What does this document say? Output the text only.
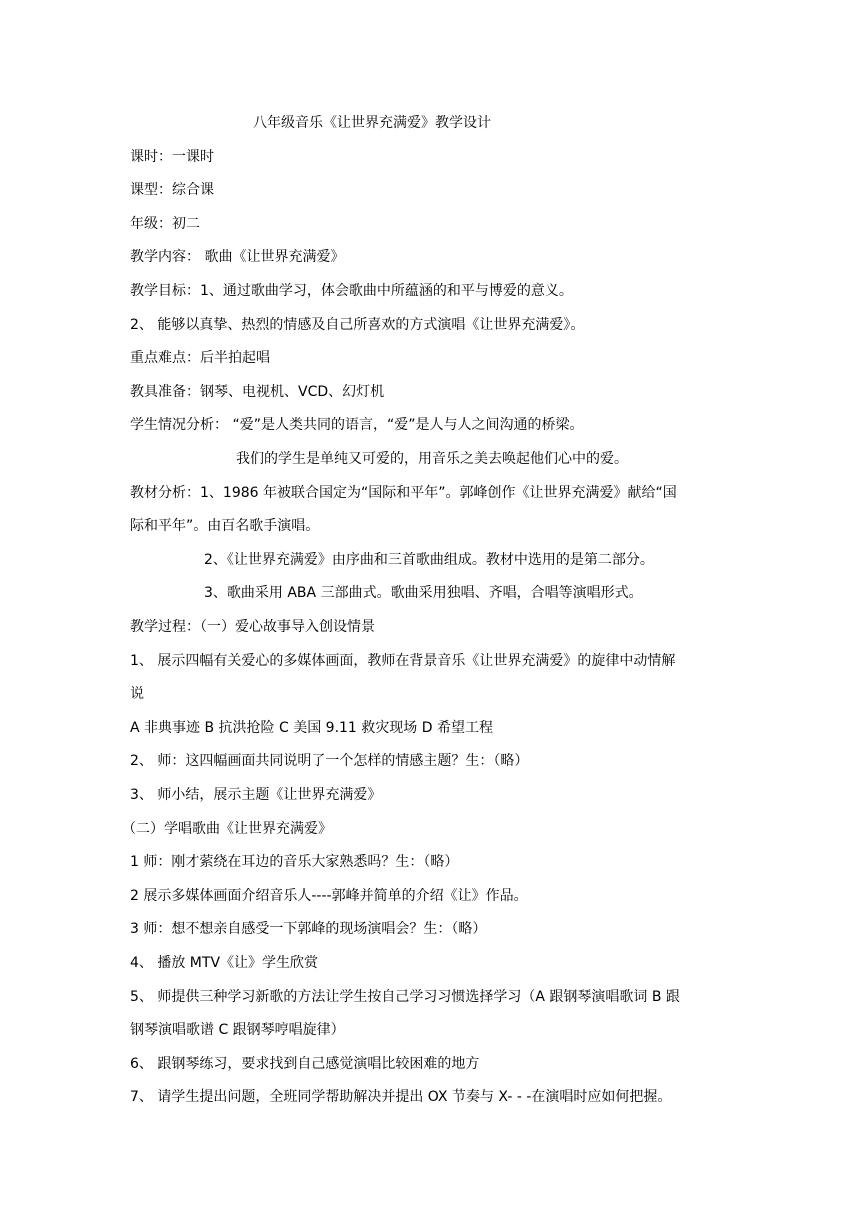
八年级音乐《让世界充满爱》教学设计
课时：一课时
课型：综合课
年级：初二
教学内容： 歌曲《让世界充满爱》
教学目标：1、通过歌曲学习，体会歌曲中所蕴涵的和平与博爱的意义。
2、 能够以真挚、热烈的情感及自己所喜欢的方式演唱《让世界充满爱》。
重点难点：后半拍起唱
教具准备：钢琴、电视机、VCD、幻灯机
学生情况分析： “爱”是人类共同的语言，“爱”是人与人之间沟通的桥梁。
我们的学生是单纯又可爱的，用音乐之美去唤起他们心中的爱。
教材分析：1、1986 年被联合国定为“国际和平年”。郭峰创作《让世界充满爱》献给“国
际和平年”。由百名歌手演唱。
2、《让世界充满爱》由序曲和三首歌曲组成。教材中选用的是第二部分。
3、歌曲采用 ABA 三部曲式。歌曲采用独唱、齐唱，合唱等演唱形式。
教学过程：（一）爱心故事导入创设情景
1、 展示四幅有关爱心的多媒体画面，教师在背景音乐《让世界充满爱》的旋律中动情解
说
A 非典事迹 B 抗洪抢险 C 美国 9.11 救灾现场 D 希望工程
2、 师：这四幅画面共同说明了一个怎样的情感主题？生：（略）
3、 师小结，展示主题《让世界充满爱》
（二）学唱歌曲《让世界充满爱》
1 师：刚才萦绕在耳边的音乐大家熟悉吗？生：（略）
2 展示多媒体画面介绍音乐人----郭峰并简单的介绍《让》作品。
3 师：想不想亲自感受一下郭峰的现场演唱会？生：（略）
4、 播放 MTV《让》学生欣赏
5、 师提供三种学习新歌的方法让学生按自己学习习惯选择学习（A 跟钢琴演唱歌词 B 跟
钢琴演唱歌谱 C 跟钢琴哼唱旋律）
6、 跟钢琴练习，要求找到自己感觉演唱比较困难的地方
7、 请学生提出问题，全班同学帮助解决并提出 OX 节奏与 X- - -在演唱时应如何把握。
